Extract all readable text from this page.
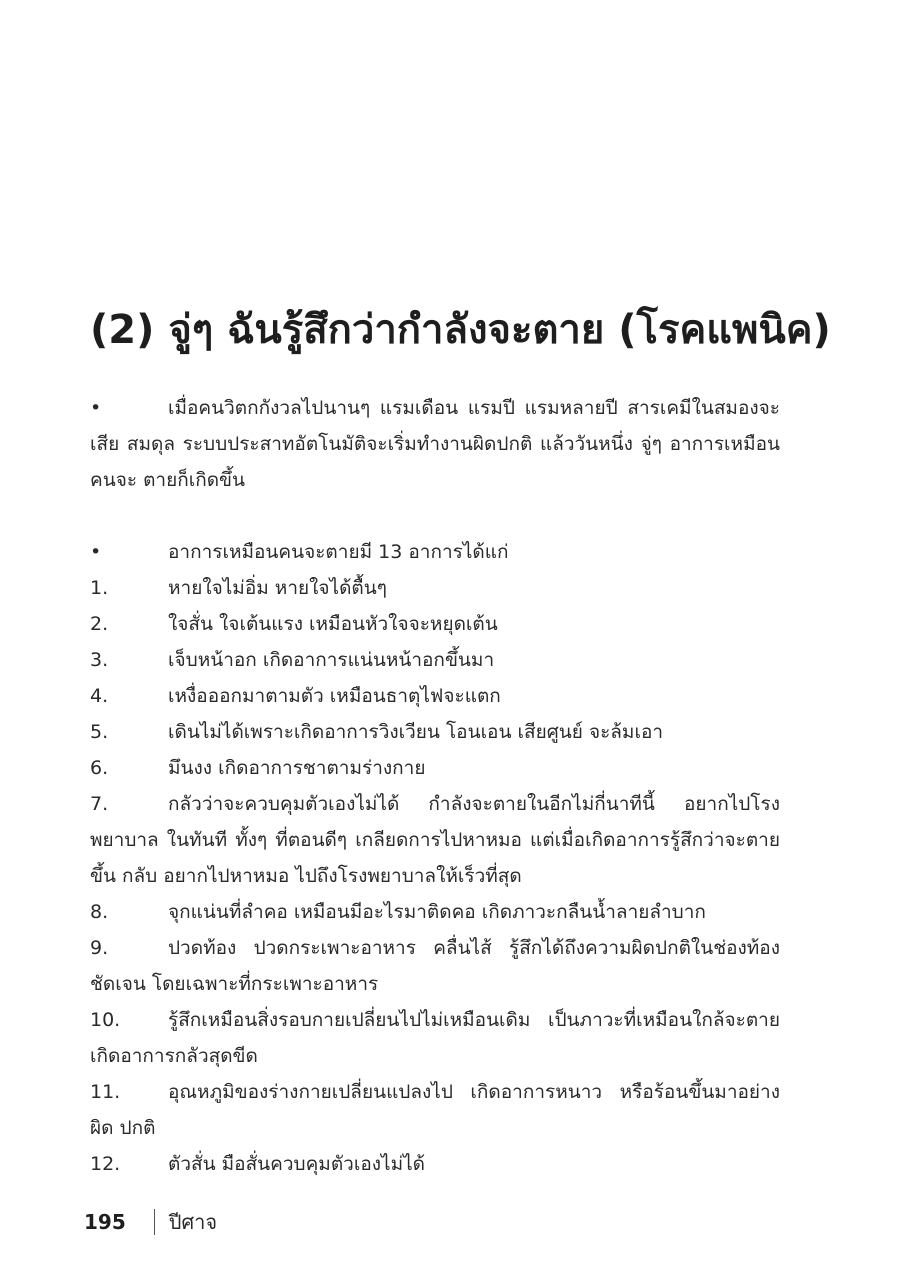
(2) จู่ๆ ฉันรู้สึกว่ากำลังจะตาย (โรคแพนิค)

•	เมื่อคนวิตกกังวลไปนานๆ แรมเดือน แรมปี แรมหลายปี สารเคมีในสมองจะเสีย สมดุล ระบบประสาทอัตโนมัติจะเริ่มทำงานผิดปกติ แล้ววันหนึ่ง จู่ๆ อาการเหมือนคนจะ ตายก็เกิดขึ้น

•	อาการเหมือนคนจะตายมี 13 อาการได้แก่

1.	หายใจไม่อิ่ม หายใจได้ตื้นๆ

2.	ใจสั่น ใจเต้นแรง เหมือนหัวใจจะหยุดเต้น

3.	เจ็บหน้าอก เกิดอาการแน่นหน้าอกขึ้นมา

4.	เหงื่อออกมาตามตัว เหมือนธาตุไฟจะแตก

5.	เดินไม่ได้เพราะเกิดอาการวิงเวียน โอนเอน เสียศูนย์ จะล้มเอา

6.	มึนงง เกิดอาการชาตามร่างกาย

7.	กลัวว่าจะควบคุมตัวเองไม่ได้ กำลังจะตายในอีกไม่กี่นาทีนี้ อยากไปโรงพยาบาล ในทันที ทั้งๆ ที่ตอนดีๆ เกลียดการไปหาหมอ แต่เมื่อเกิดอาการรู้สึกว่าจะตายขึ้น กลับ อยากไปหาหมอ ไปถึงโรงพยาบาลให้เร็วที่สุด

8.	จุกแน่นที่ลำคอ เหมือนมีอะไรมาติดคอ เกิดภาวะกลืนน้ำลายลำบาก

9.	ปวดท้อง ปวดกระเพาะอาหาร คลื่นไส้ รู้สึกได้ถึงความผิดปกติในช่องท้องชัดเจน โดยเฉพาะที่กระเพาะอาหาร

10.	รู้สึกเหมือนสิ่งรอบกายเปลี่ยนไปไม่เหมือนเดิม เป็นภาวะที่เหมือนใกล้จะตาย เกิดอาการกลัวสุดขีด

11.	อุณหภูมิของร่างกายเปลี่ยนแปลงไป เกิดอาการหนาว หรือร้อนขึ้นมาอย่างผิด ปกติ

12.	ตัวสั่น มือสั่นควบคุมตัวเองไม่ได้

195 ปีศาจ
